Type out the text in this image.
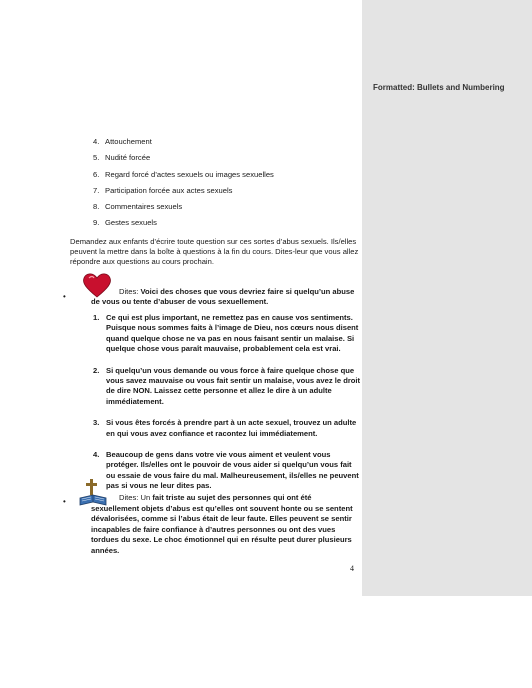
Formatted: Bullets and Numbering
4. Attouchement
5. Nudité forcée
6. Regard forcé d’actes sexuels ou images sexuelles
7. Participation forcée aux actes sexuels
8. Commentaires sexuels
9. Gestes sexuels
Demandez aux enfants d’écrire toute question sur ces sortes d’abus sexuels. Ils/elles peuvent la mettre dans la boîte à questions à la fin du cours. Dites-leur que vous allez répondre aux questions au cours prochain.
•
Dites: Voici des choses que vous devriez faire si quelqu’un abuse de vous ou tente d’abuser de vous sexuellement.
1. Ce qui est plus important, ne remettez pas en cause vos sentiments. Puisque nous sommes faits à l’image de Dieu, nos cœurs nous disent quand quelque chose ne va pas en nous faisant sentir un malaise. Si quelque chose vous paraît mauvaise, probablement cela est vrai.
2. Si quelqu’un vous demande ou vous force à faire quelque chose que vous savez mauvaise ou vous fait sentir un malaise, vous avez le droit de dire NON. Laissez cette personne et allez le dire à un adulte immédiatement.
3. Si vous êtes forcés à prendre part à un acte sexuel, trouvez un adulte en qui vous avez confiance et racontez lui immédiatement.
4. Beaucoup de gens dans votre vie vous aiment et veulent vous protéger. Ils/elles ont le pouvoir de vous aider si quelqu’un vous fait ou essaie de vous faire du mal. Malheureusement, ils/elles ne peuvent pas si vous ne leur dites pas.
•	Dites: Un fait triste au sujet des personnes qui ont été sexuellement objets d’abus est qu’elles ont souvent honte ou se sentent dévalorisées, comme si l’abus était de leur faute. Elles peuvent se sentir incapables de faire confiance à d’autres personnes ou ont des vues tordues du sexe. Le choc émotionnel qui en résulte peut durer plusieurs années.
4
